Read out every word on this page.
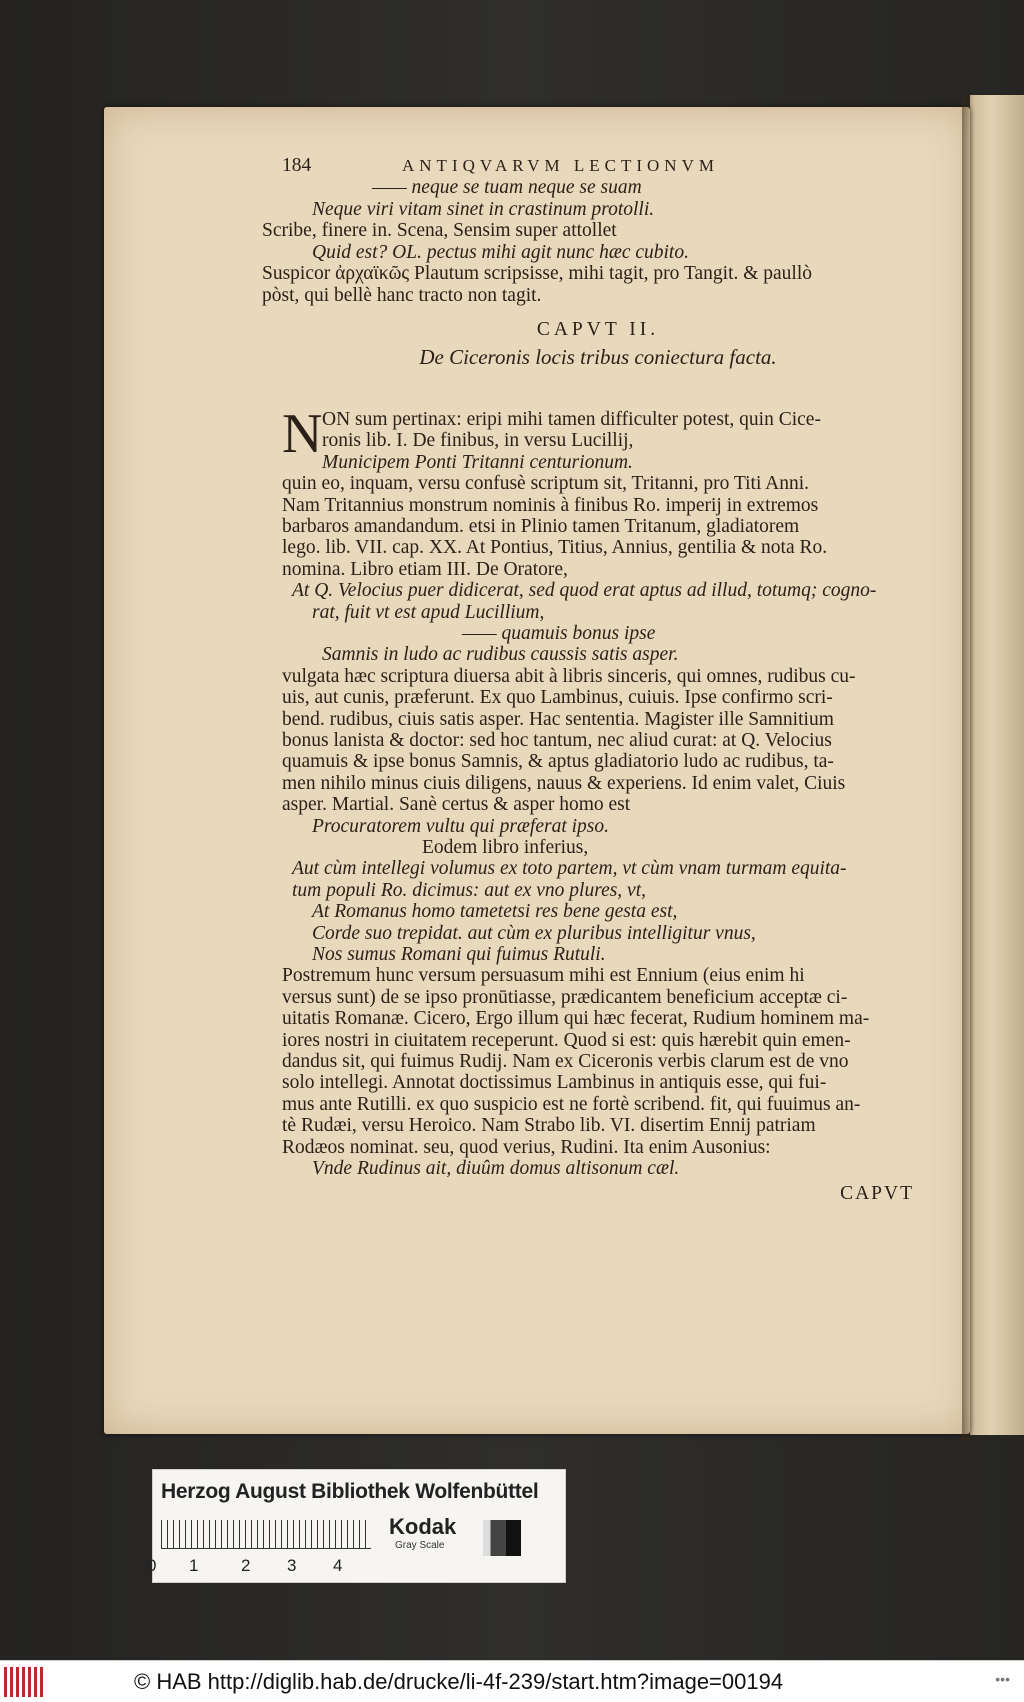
184	ANTIQVARVM LECTIONVM
—— neque se tuam neque se suam
Neque viri vitam sinet in crastinum protolli.
Scribe, finere in. Scena, Sensim super attollet
Quid est? OL. pectus mihi agit nunc hæc cubito.
Suspicor ἀρχαϊκῶς Plautum scripsisse, mihi tagit, pro Tangit. & paullò
pòst, qui bellè hanc tracto non tagit.
CAPVT II.
De Ciceronis locis tribus coniectura facta.
N ON sum pertinax: eripi mihi tamen difficulter potest, quin Cice-
ronis lib. I. De finibus, in versu Lucillij,
Municipem Ponti Tritanni centurionum.
quin eo, inquam, versu confusè scriptum sit, Tritanni, pro Titi Anni.
Nam Tritannius monstrum nominis à finibus Ro. imperij in extremos
barbaros amandandum. etsi in Plinio tamen Tritanum, gladiatorem
lego. lib. VII. cap. XX. At Pontius, Titius, Annius, gentilia & nota Ro.
nomina. Libro etiam III. De Oratore,
At Q. Velocius puer didicerat, sed quod erat aptus ad illud, totumq; cogno-
rat, fuit vt est apud Lucillium,
—— quamuis bonus ipse
Samnis in ludo ac rudibus caussis satis asper.
vulgata hæc scriptura diuersa abit à libris sinceris, qui omnes, rudibus cu-
uis, aut cunis, præferunt. Ex quo Lambinus, cuiuis. Ipse confirmo scri-
bend. rudibus, ciuis satis asper. Hac sententia. Magister ille Samnitium
bonus lanista & doctor: sed hoc tantum, nec aliud curat: at Q. Velocius
quamuis & ipse bonus Samnis, & aptus gladiatorio ludo ac rudibus, ta-
men nihilo minus ciuis diligens, nauus & experiens. Id enim valet, Ciuis
asper. Martial. Sanè certus & asper homo est
Procuratorem vultu qui præferat ipso.
Eodem libro inferius,
Aut cùm intellegi volumus ex toto partem, vt cùm vnam turmam equita-
tum populi Ro. dicimus: aut ex vno plures, vt,
At Romanus homo tametetsi res bene gesta est,
Corde suo trepidat. aut cùm ex pluribus intelligitur vnus,
Nos sumus Romani qui fuimus Rutuli.
Postremum hunc versum persuasum mihi est Ennium (eius enim hi
versus sunt) de se ipso pronūtiasse, prædicantem beneficium acceptæ ci-
uitatis Romanæ. Cicero, Ergo illum qui hæc fecerat, Rudium hominem ma-
iores nostri in ciuitatem receperunt. Quod si est: quis hærebit quin emen-
dandus sit, qui fuimus Rudij. Nam ex Ciceronis verbis clarum est de vno
solo intellegi. Annotat doctissimus Lambinus in antiquis esse, qui fui-
mus ante Rutilli. ex quo suspicio est ne fortè scribend. fit, qui fuuimus an-
tè Rudæi, versu Heroico. Nam Strabo lib. VI. disertim Ennij patriam
Rodæos nominat. seu, quod verius, Rudini. Ita enim Ausonius:
Vnde Rudinus ait, diuûm domus altisonum cæl.
CAPVT
Herzog August Bibliothek Wolfenbüttel
0 1	2 3 4
Kodak
Gray Scale
© HAB http://diglib.hab.de/drucke/li-4f-239/start.htm?image=00194	•••
